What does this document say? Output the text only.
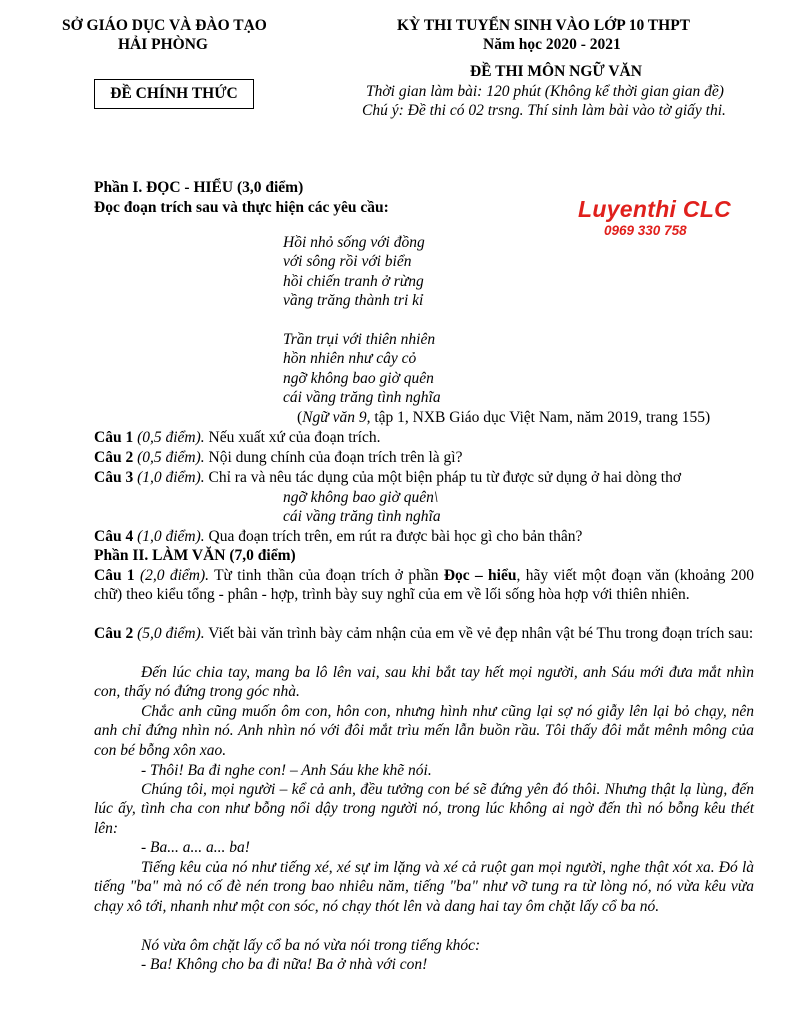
SỞ GIÁO DỤC VÀ ĐÀO TẠO
HẢI PHÒNG
ĐỀ CHÍNH THỨC
KỲ THI TUYỂN SINH VÀO LỚP 10 THPT
Năm học 2020 - 2021
ĐỀ THI MÔN NGỮ VĂN
Thời gian làm bài: 120 phút (Không kể thời gian gian đề)
Chú ý: Đề thi có 02 trsng. Thí sinh làm bài vào tờ giấy thi.
Luyenthi CLC
0969 330 758
Phần I. ĐỌC - HIỂU (3,0 điểm)
Đọc đoạn trích sau và thực hiện các yêu cầu:
Hồi nhỏ sống với đồng
với sông rồi với biển
hồi chiến tranh ở rừng
vầng trăng thành tri kỉ
Trần trụi với thiên nhiên
hồn nhiên như cây cỏ
ngỡ không bao giờ quên
cái vầng trăng tình nghĩa
(Ngữ văn 9, tập 1, NXB Giáo dục Việt Nam, năm 2019, trang 155)
Câu 1 (0,5 điểm). Nếu xuất xứ của đoạn trích.
Câu 2 (0,5 điểm). Nội dung chính của đoạn trích trên là gì?
Câu 3 (1,0 điểm). Chỉ ra và nêu tác dụng của một biện pháp tu từ được sử dụng ở hai dòng thơ
ngỡ không bao giờ quên\
cái vầng trăng tình nghĩa
Câu 4 (1,0 điểm). Qua đoạn trích trên, em rút ra được bài học gì cho bản thân?
Phần II. LÀM VĂN (7,0 điểm)
Câu 1 (2,0 điểm). Từ tinh thần của đoạn trích ở phần Đọc – hiểu, hãy viết một đoạn văn (khoảng 200 chữ) theo kiểu tổng - phân - hợp, trình bày suy nghĩ của em về lối sống hòa hợp với thiên nhiên.
Câu 2 (5,0 điểm). Viết bài văn trình bày cảm nhận của em về vẻ đẹp nhân vật bé Thu trong đoạn trích sau:
Đến lúc chia tay, mang ba lô lên vai, sau khi bắt tay hết mọi người, anh Sáu mới đưa mắt nhìn con, thấy nó đứng trong góc nhà.
Chắc anh cũng muốn ôm con, hôn con, nhưng hình như cũng lại sợ nó giẫy lên lại bỏ chạy, nên anh chỉ đứng nhìn nó. Anh nhìn nó với đôi mắt trìu mến lẫn buồn rầu. Tôi thấy đôi mắt mênh mông của con bé bỗng xôn xao.
- Thôi! Ba đi nghe con! – Anh Sáu khe khẽ nói.
Chúng tôi, mọi người – kể cả anh, đều tưởng con bé sẽ đứng yên đó thôi. Nhưng thật lạ lùng, đến lúc ấy, tình cha con như bỗng nổi dậy trong người nó, trong lúc không ai ngờ đến thì nó bỗng kêu thét lên:
- Ba... a... a... ba!
Tiếng kêu của nó như tiếng xé, xé sự im lặng và xé cả ruột gan mọi người, nghe thật xót xa. Đó là tiếng "ba" mà nó cố đè nén trong bao nhiêu năm, tiếng "ba" như vỡ tung ra từ lòng nó, nó vừa kêu vừa chạy xô tới, nhanh như một con sóc, nó chạy thót lên và dang hai tay ôm chặt lấy cổ ba nó.
Nó vừa ôm chặt lấy cổ ba nó vừa nói trong tiếng khóc:
- Ba! Không cho ba đi nữa! Ba ở nhà với con!
